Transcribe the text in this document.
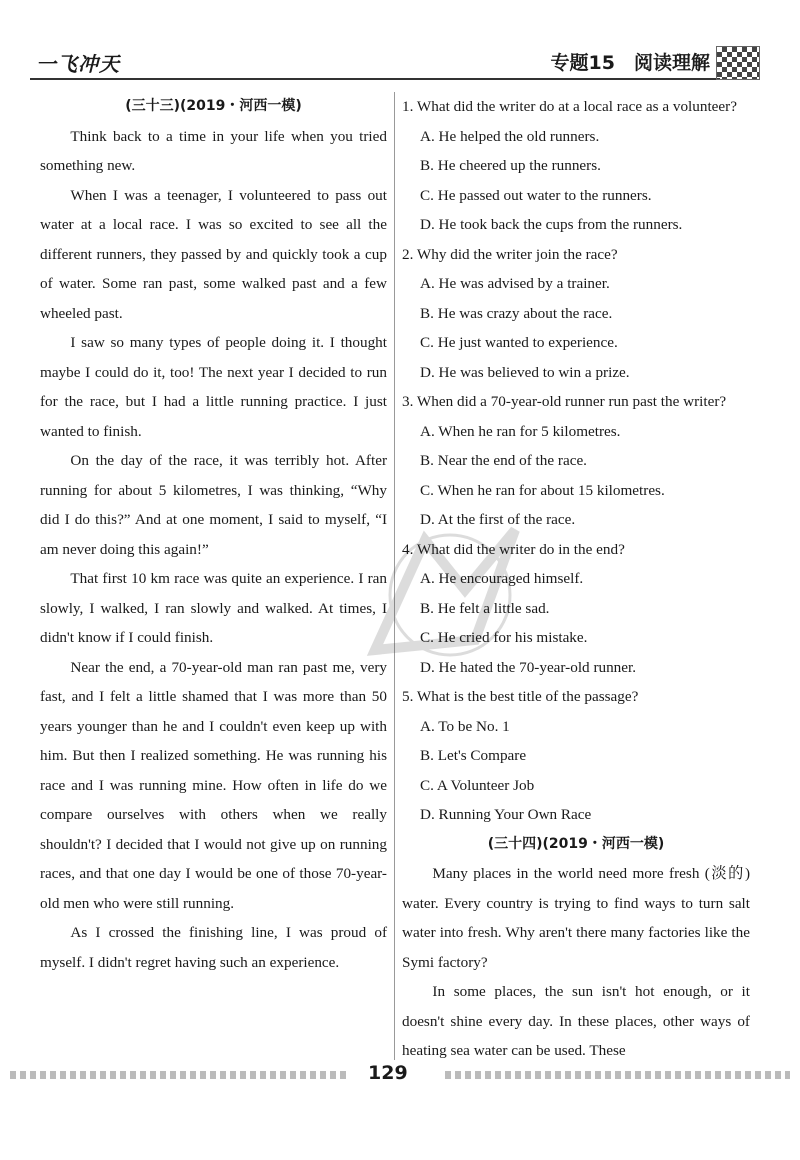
一飞冲天	专题15　阅读理解

(三十三)(2019・河西一模)

Think back to a time in your life when you tried something new.

When I was a teenager, I volunteered to pass out water at a local race. I was so excited to see all the different runners, they passed by and quickly took a cup of water. Some ran past, some walked past and a few wheeled past.

I saw so many types of people doing it. I thought maybe I could do it, too! The next year I decided to run for the race, but I had a little running practice. I just wanted to finish.

On the day of the race, it was terribly hot. After running for about 5 kilometres, I was thinking, “Why did I do this?” And at one moment, I said to myself, “I am never doing this again!”

That first 10 km race was quite an experience. I ran slowly, I walked, I ran slowly and walked. At times, I didn't know if I could finish.

Near the end, a 70-year-old man ran past me, very fast, and I felt a little shamed that I was more than 50 years younger than he and I couldn't even keep up with him. But then I realized something. He was running his race and I was running mine. How often in life do we compare ourselves with others when we really shouldn't? I decided that I would not give up on running races, and that one day I would be one of those 70-year-old men who were still running.

As I crossed the finishing line, I was proud of myself. I didn't regret having such an experience.

1. What did the writer do at a local race as a volunteer?

A. He helped the old runners.

B. He cheered up the runners.

C. He passed out water to the runners.

D. He took back the cups from the runners.

2. Why did the writer join the race?

A. He was advised by a trainer.

B. He was crazy about the race.

C. He just wanted to experience.

D. He was believed to win a prize.

3. When did a 70-year-old runner run past the writer?

A. When he ran for 5 kilometres.

B. Near the end of the race.

C. When he ran for about 15 kilometres.

D. At the first of the race.

4. What did the writer do in the end?

A. He encouraged himself.

B. He felt a little sad.

C. He cried for his mistake.

D. He hated the 70-year-old runner.

5. What is the best title of the passage?

A. To be No. 1

B. Let's Compare

C. A Volunteer Job

D. Running Your Own Race

(三十四)(2019・河西一模)

Many places in the world need more fresh (淡的) water. Every country is trying to find ways to turn salt water into fresh. Why aren't there many factories like the Symi factory?

In some places, the sun isn't hot enough, or it doesn't shine every day. In these places, other ways of heating sea water can be used. These

129
